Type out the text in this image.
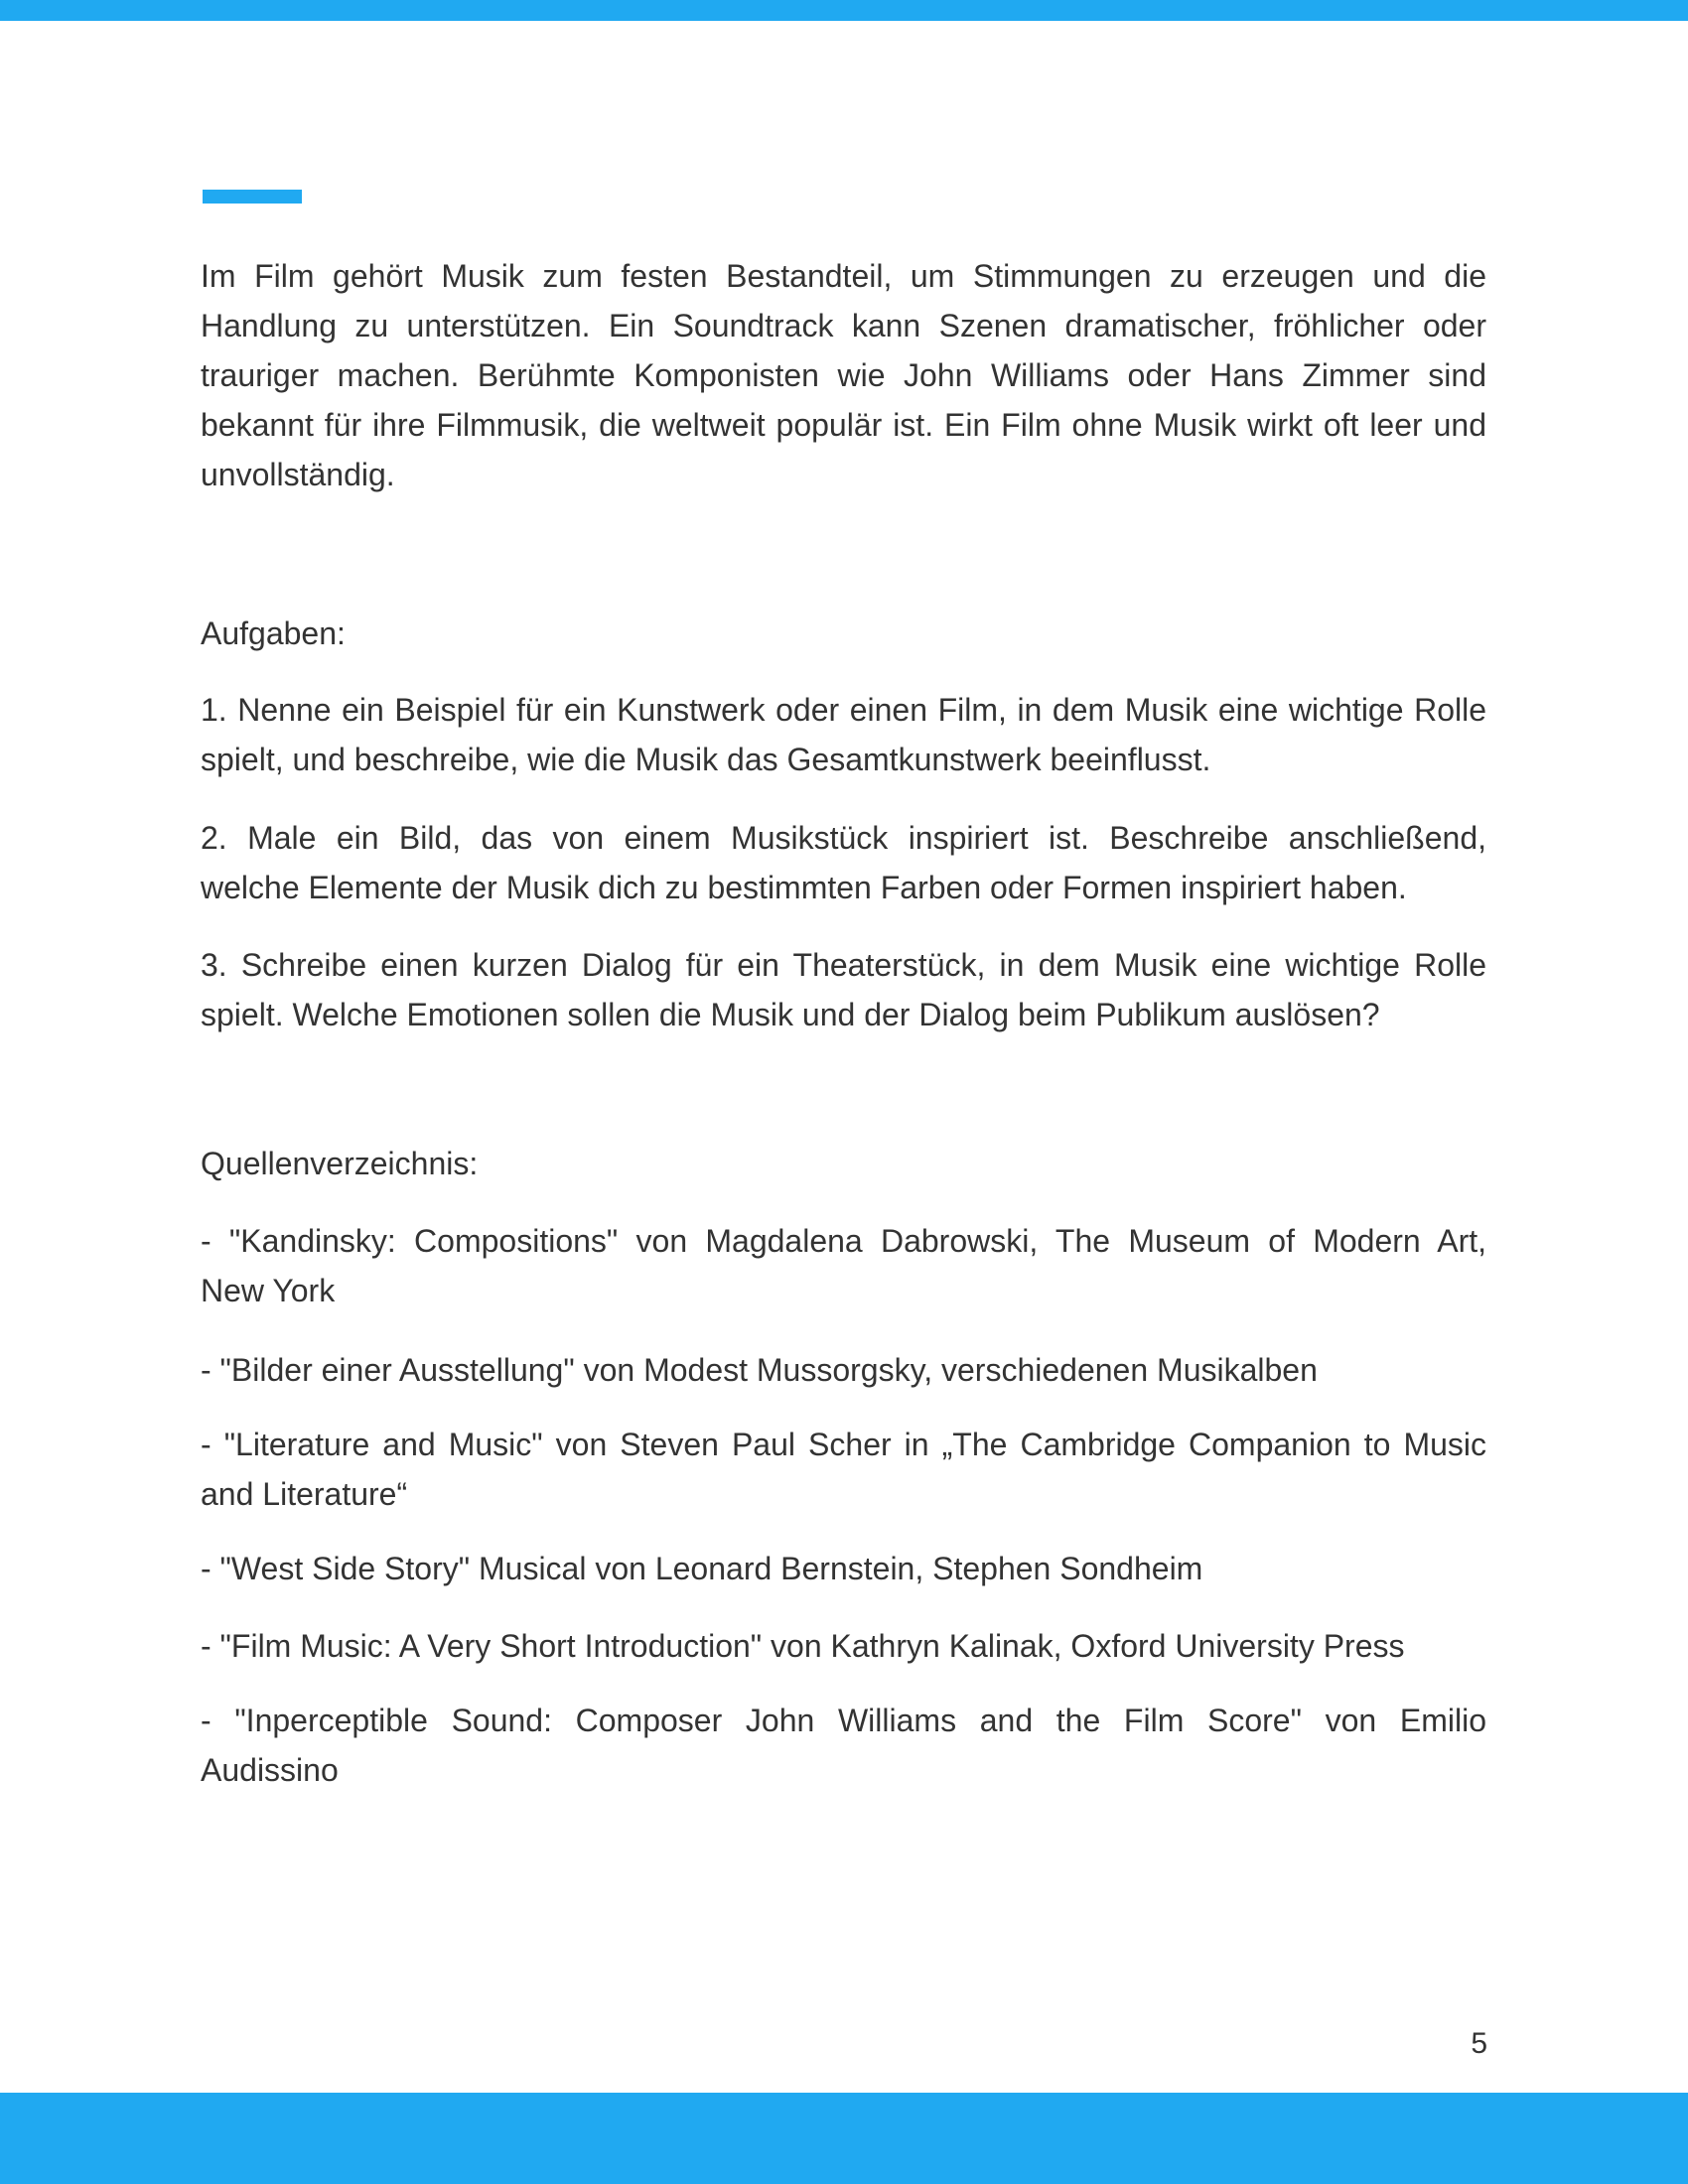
Im Film gehört Musik zum festen Bestandteil, um Stimmungen zu erzeugen und die
Handlung zu unterstützen. Ein Soundtrack kann Szenen dramatischer, fröhlicher oder
trauriger machen. Berühmte Komponisten wie John Williams oder Hans Zimmer sind
bekannt für ihre Filmmusik, die weltweit populär ist. Ein Film ohne Musik wirkt oft leer und
unvollständig.
Aufgaben:
1. Nenne ein Beispiel für ein Kunstwerk oder einen Film, in dem Musik eine wichtige Rolle
spielt, und beschreibe, wie die Musik das Gesamtkunstwerk beeinflusst.
2. Male ein Bild, das von einem Musikstück inspiriert ist. Beschreibe anschließend,
welche Elemente der Musik dich zu bestimmten Farben oder Formen inspiriert haben.
3. Schreibe einen kurzen Dialog für ein Theaterstück, in dem Musik eine wichtige Rolle
spielt. Welche Emotionen sollen die Musik und der Dialog beim Publikum auslösen?
Quellenverzeichnis:
- "Kandinsky: Compositions" von Magdalena Dabrowski, The Museum of Modern Art,
New York
- "Bilder einer Ausstellung" von Modest Mussorgsky, verschiedenen Musikalben
- "Literature and Music" von Steven Paul Scher in „The Cambridge Companion to Music
and Literature“
- "West Side Story" Musical von Leonard Bernstein, Stephen Sondheim
- "Film Music: A Very Short Introduction" von Kathryn Kalinak, Oxford University Press
- "Inperceptible Sound: Composer John Williams and the Film Score" von Emilio
Audissino
5
